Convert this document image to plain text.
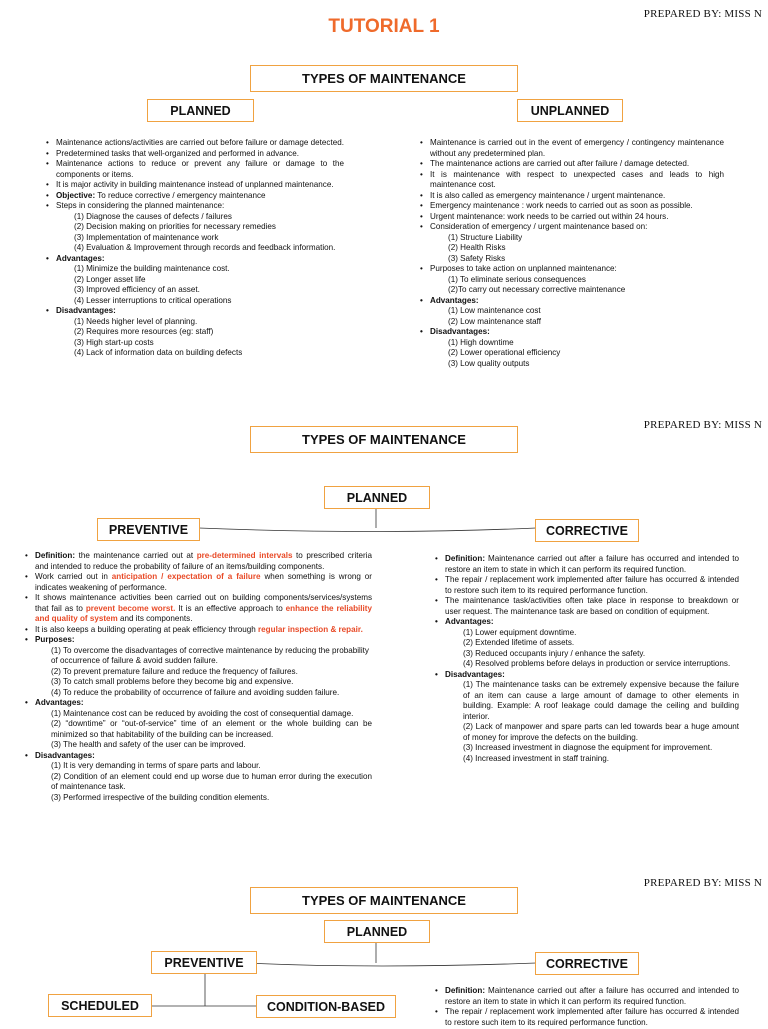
PREPARED BY: MISS N
TUTORIAL 1
TYPES OF MAINTENANCE
PLANNED	UNPLANNED
• Maintenance actions/activities are carried out before failure or damage detected.
• Predetermined tasks that well-organized and performed in advance.
• Maintenance actions to reduce or prevent any failure or damage to the components or items.
• It is major activity in building maintenance instead of unplanned maintenance.
• Objective: To reduce corrective / emergency maintenance
• Steps in considering the planned maintenance:
(1) Diagnose the causes of defects / failures
(2) Decision making on priorities for necessary remedies
(3) Implementation of maintenance work
(4) Evaluation & Improvement through records and feedback information.
• Advantages:
(1) Minimize the building maintenance cost.
(2) Longer asset life
(3) Improved efficiency of an asset.
(4) Lesser interruptions to critical operations
• Disadvantages:
(1) Needs higher level of planning.
(2) Requires more resources (eg: staff)
(3) High start-up costs
(4) Lack of information data on building defects
• Maintenance is carried out in the event of emergency / contingency maintenance without any predetermined plan.
• The maintenance actions are carried out after failure / damage detected.
• It is maintenance with respect to unexpected cases and leads to high maintenance cost.
• It is also called as emergency maintenance / urgent maintenance.
• Emergency maintenance : work needs to carried out as soon as possible.
• Urgent maintenance: work needs to be carried out within 24 hours.
• Consideration of emergency / urgent maintenance based on:
(1) Structure Liability
(2) Health Risks
(3) Safety Risks
• Purposes to take action on unplanned maintenance:
(1) To eliminate serious consequences
(2)To carry out necessary corrective maintenance
• Advantages:
(1) Low maintenance cost
(2) Low maintenance staff
• Disadvantages:
(1) High downtime
(2) Lower operational efficiency
(3) Low quality outputs
PREPARED BY: MISS N
TYPES OF MAINTENANCE
PLANNED
PREVENTIVE	CORRECTIVE
• Definition: the maintenance carried out at pre-determined intervals to prescribed criteria and intended to reduce the probability of failure of an items/building components.
• Work carried out in anticipation / expectation of a failure when something is wrong or indicates weakening of performance.
• It shows maintenance activities been carried out on building components/services/systems that fail as to prevent become worst. It is an effective approach to enhance the reliability and quality of system and its components.
• It is also keeps a building operating at peak efficiency through regular inspection & repair.
• Purposes:
(1) To overcome the disadvantages of corrective maintenance by reducing the probability of occurrence of failure & avoid sudden failure.
(2) To prevent premature failure and reduce the frequency of failures.
(3) To catch small problems before they become big and expensive.
(4) To reduce the probability of occurrence of failure and avoiding sudden failure.
• Advantages:
(1) Maintenance cost can be reduced by avoiding the cost of consequential damage.
(2) “downtime” or “out-of-service” time of an element or the whole building can be minimized so that habitability of the building can be increased.
(3) The health and safety of the user can be improved.
• Disadvantages:
(1) It is very demanding in terms of spare parts and labour.
(2) Condition of an element could end up worse due to human error during the execution of maintenance task.
(3) Performed irrespective of the building condition elements.
• Definition: Maintenance carried out after a failure has occurred and intended to restore an item to state in which it can perform its required function.
• The repair / replacement work implemented after failure has occurred & intended to restore such item to its required performance function.
• The maintenance task/activities often take place in response to breakdown or user request. The maintenance task are based on condition of equipment.
• Advantages:
(1) Lower equipment downtime.
(2) Extended lifetime of assets.
(3) Reduced occupants injury / enhance the safety.
(4) Resolved problems before delays in production or service interruptions.
• Disadvantages:
(1) The maintenance tasks can be extremely expensive because the failure of an item can cause a large amount of damage to other elements in building. Example: A roof leakage could damage the ceiling and building interior.
(2) Lack of manpower and spare parts can led towards bear a huge amount of money for improve the defects on the building.
(3) Increased investment in diagnose the equipment for improvement.
(4) Increased investment in staff training.
PREPARED BY: MISS N
TYPES OF MAINTENANCE
PLANNED
PREVENTIVE	CORRECTIVE
SCHEDULED	CONDITION-BASED
• Definition: Maintenance carried out after a failure has occurred and intended to restore an item to state in which it can perform its required function.
• The repair / replacement work implemented after failure has occurred & intended to restore such item to its required performance function.
